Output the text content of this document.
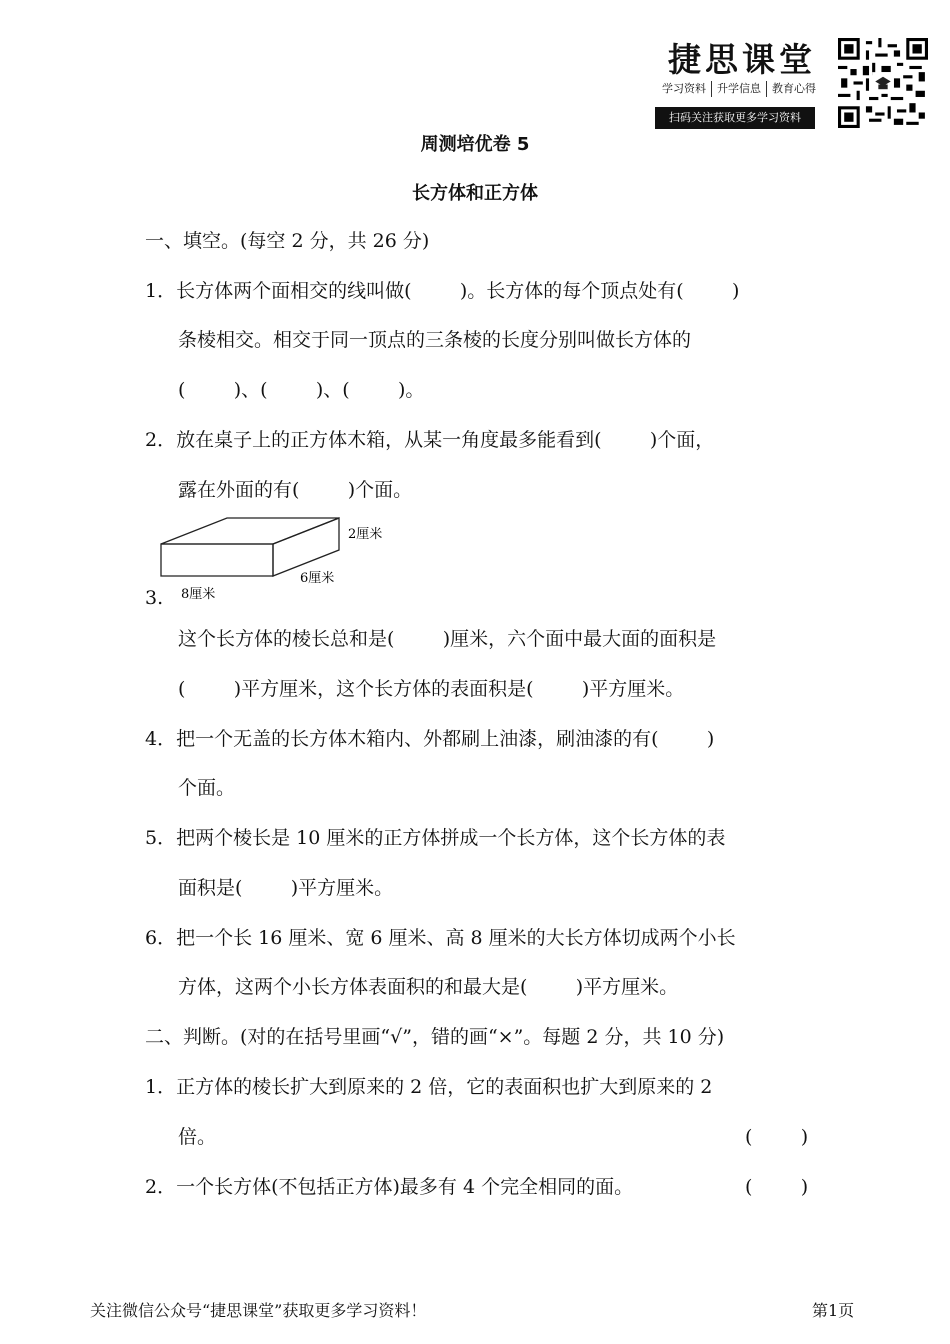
捷思课堂
学习资料	升学信息	教育心得
扫码关注获取更多学习资料
周测培优卷 5
长方体和正方体
一、填空。(每空 2 分，共 26 分)
1．长方体两个面相交的线叫做(        )。长方体的每个顶点处有(        )
条棱相交。相交于同一顶点的三条棱的长度分别叫做长方体的
(        )、(        )、(        )。
2．放在桌子上的正方体木箱，从某一角度最多能看到(        )个面，
露在外面的有(        )个面。
2厘米
6厘米
8厘米
3.
这个长方体的棱长总和是(        )厘米，六个面中最大面的面积是
(        )平方厘米，这个长方体的表面积是(        )平方厘米。
4．把一个无盖的长方体木箱内、外都刷上油漆，刷油漆的有(        )
个面。
5．把两个棱长是 10 厘米的正方体拼成一个长方体，这个长方体的表
面积是(        )平方厘米。
6．把一个长 16 厘米、宽 6 厘米、高 8 厘米的大长方体切成两个小长
方体，这两个小长方体表面积的和最大是(        )平方厘米。
二、判断。(对的在括号里画“√”，错的画“×”。每题 2 分，共 10 分)
1．正方体的棱长扩大到原来的 2 倍，它的表面积也扩大到原来的 2
倍。	(        )
2．一个长方体(不包括正方体)最多有 4 个完全相同的面。	(        )
关注微信公众号“捷思课堂”获取更多学习资料！	第1页
